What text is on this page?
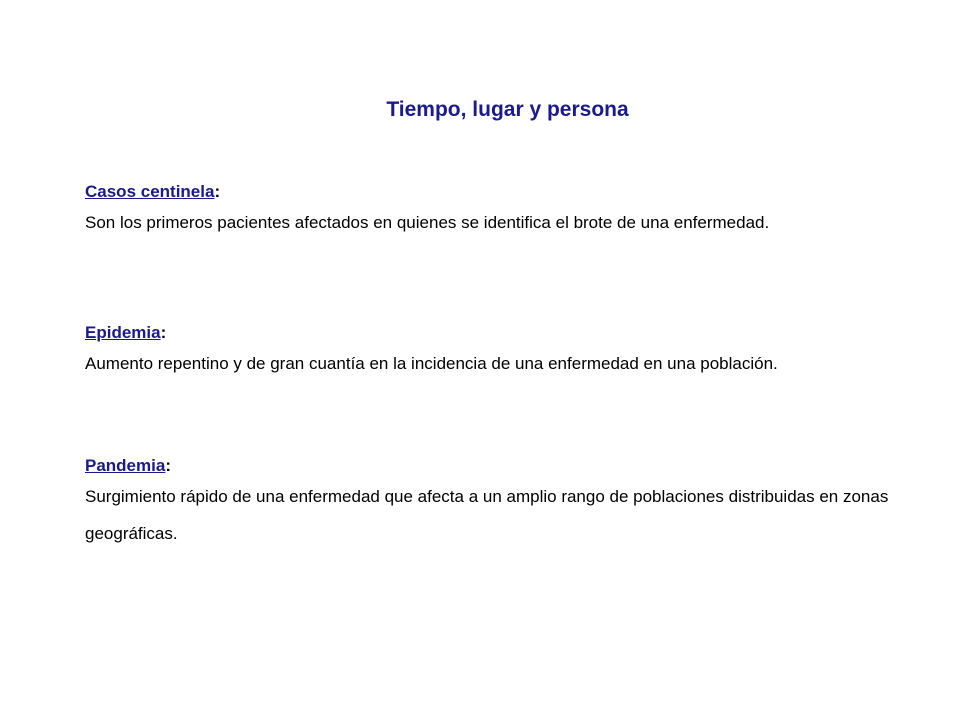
Tiempo, lugar y persona
Casos centinela:

Son los primeros pacientes afectados en quienes se identifica el brote de una enfermedad.

Epidemia:

Aumento repentino y de gran cuantía en la incidencia de una enfermedad en una población.

Pandemia:

Surgimiento rápido de una enfermedad que afecta a un amplio rango de poblaciones distribuidas en zonas geográficas.
